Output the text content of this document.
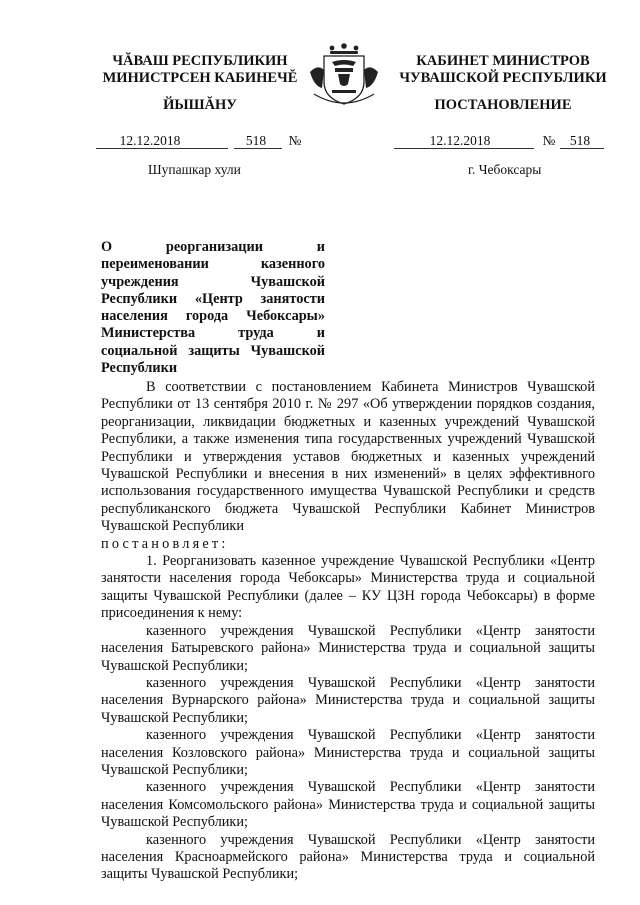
ЧĂВАШ РЕСПУБЛИКИН
МИНИСТРСЕН КАБИНЕЧĔ
ЙЫШĂНУ
КАБИНЕТ МИНИСТРОВ
ЧУВАШСКОЙ РЕСПУБЛИКИ
ПОСТАНОВЛЕНИЕ
12.12.2018	518	№	12.12.2018	№	518
Шупашкар хули	г. Чебоксары
О реорганизации и переименовании казенного учреждения Чувашской Республики «Центр занятости населения города Чебоксары» Министерства труда и социальной защиты Чувашской Республики

В соответствии с постановлением Кабинета Министров Чувашской Республики от 13 сентября 2010 г. № 297 «Об утверждении порядков создания, реорганизации, ликвидации бюджетных и казенных учреждений Чувашской Республики, а также изменения типа государственных учреждений Чувашской Республики и утверждения уставов бюджетных и казенных учреждений Чувашской Республики и внесения в них изменений» в целях эффективного использования государственного имущества Чувашской Республики и средств республиканского бюджета Чувашской Республики Кабинет Министров Чувашской Республики

постановляет:

1. Реорганизовать казенное учреждение Чувашской Республики «Центр занятости населения города Чебоксары» Министерства труда и социальной защиты Чувашской Республики (далее – КУ ЦЗН города Чебоксары) в форме присоединения к нему:

казенного учреждения Чувашской Республики «Центр занятости населения Батыревского района» Министерства труда и социальной защиты Чувашской Республики;

казенного учреждения Чувашской Республики «Центр занятости населения Вурнарского района» Министерства труда и социальной защиты Чувашской Республики;

казенного учреждения Чувашской Республики «Центр занятости населения Козловского района» Министерства труда и социальной защиты Чувашской Республики;

казенного учреждения Чувашской Республики «Центр занятости населения Комсомольского района» Министерства труда и социальной защиты Чувашской Республики;

казенного учреждения Чувашской Республики «Центр занятости населения Красноармейского района» Министерства труда и социальной защиты Чувашской Республики;
